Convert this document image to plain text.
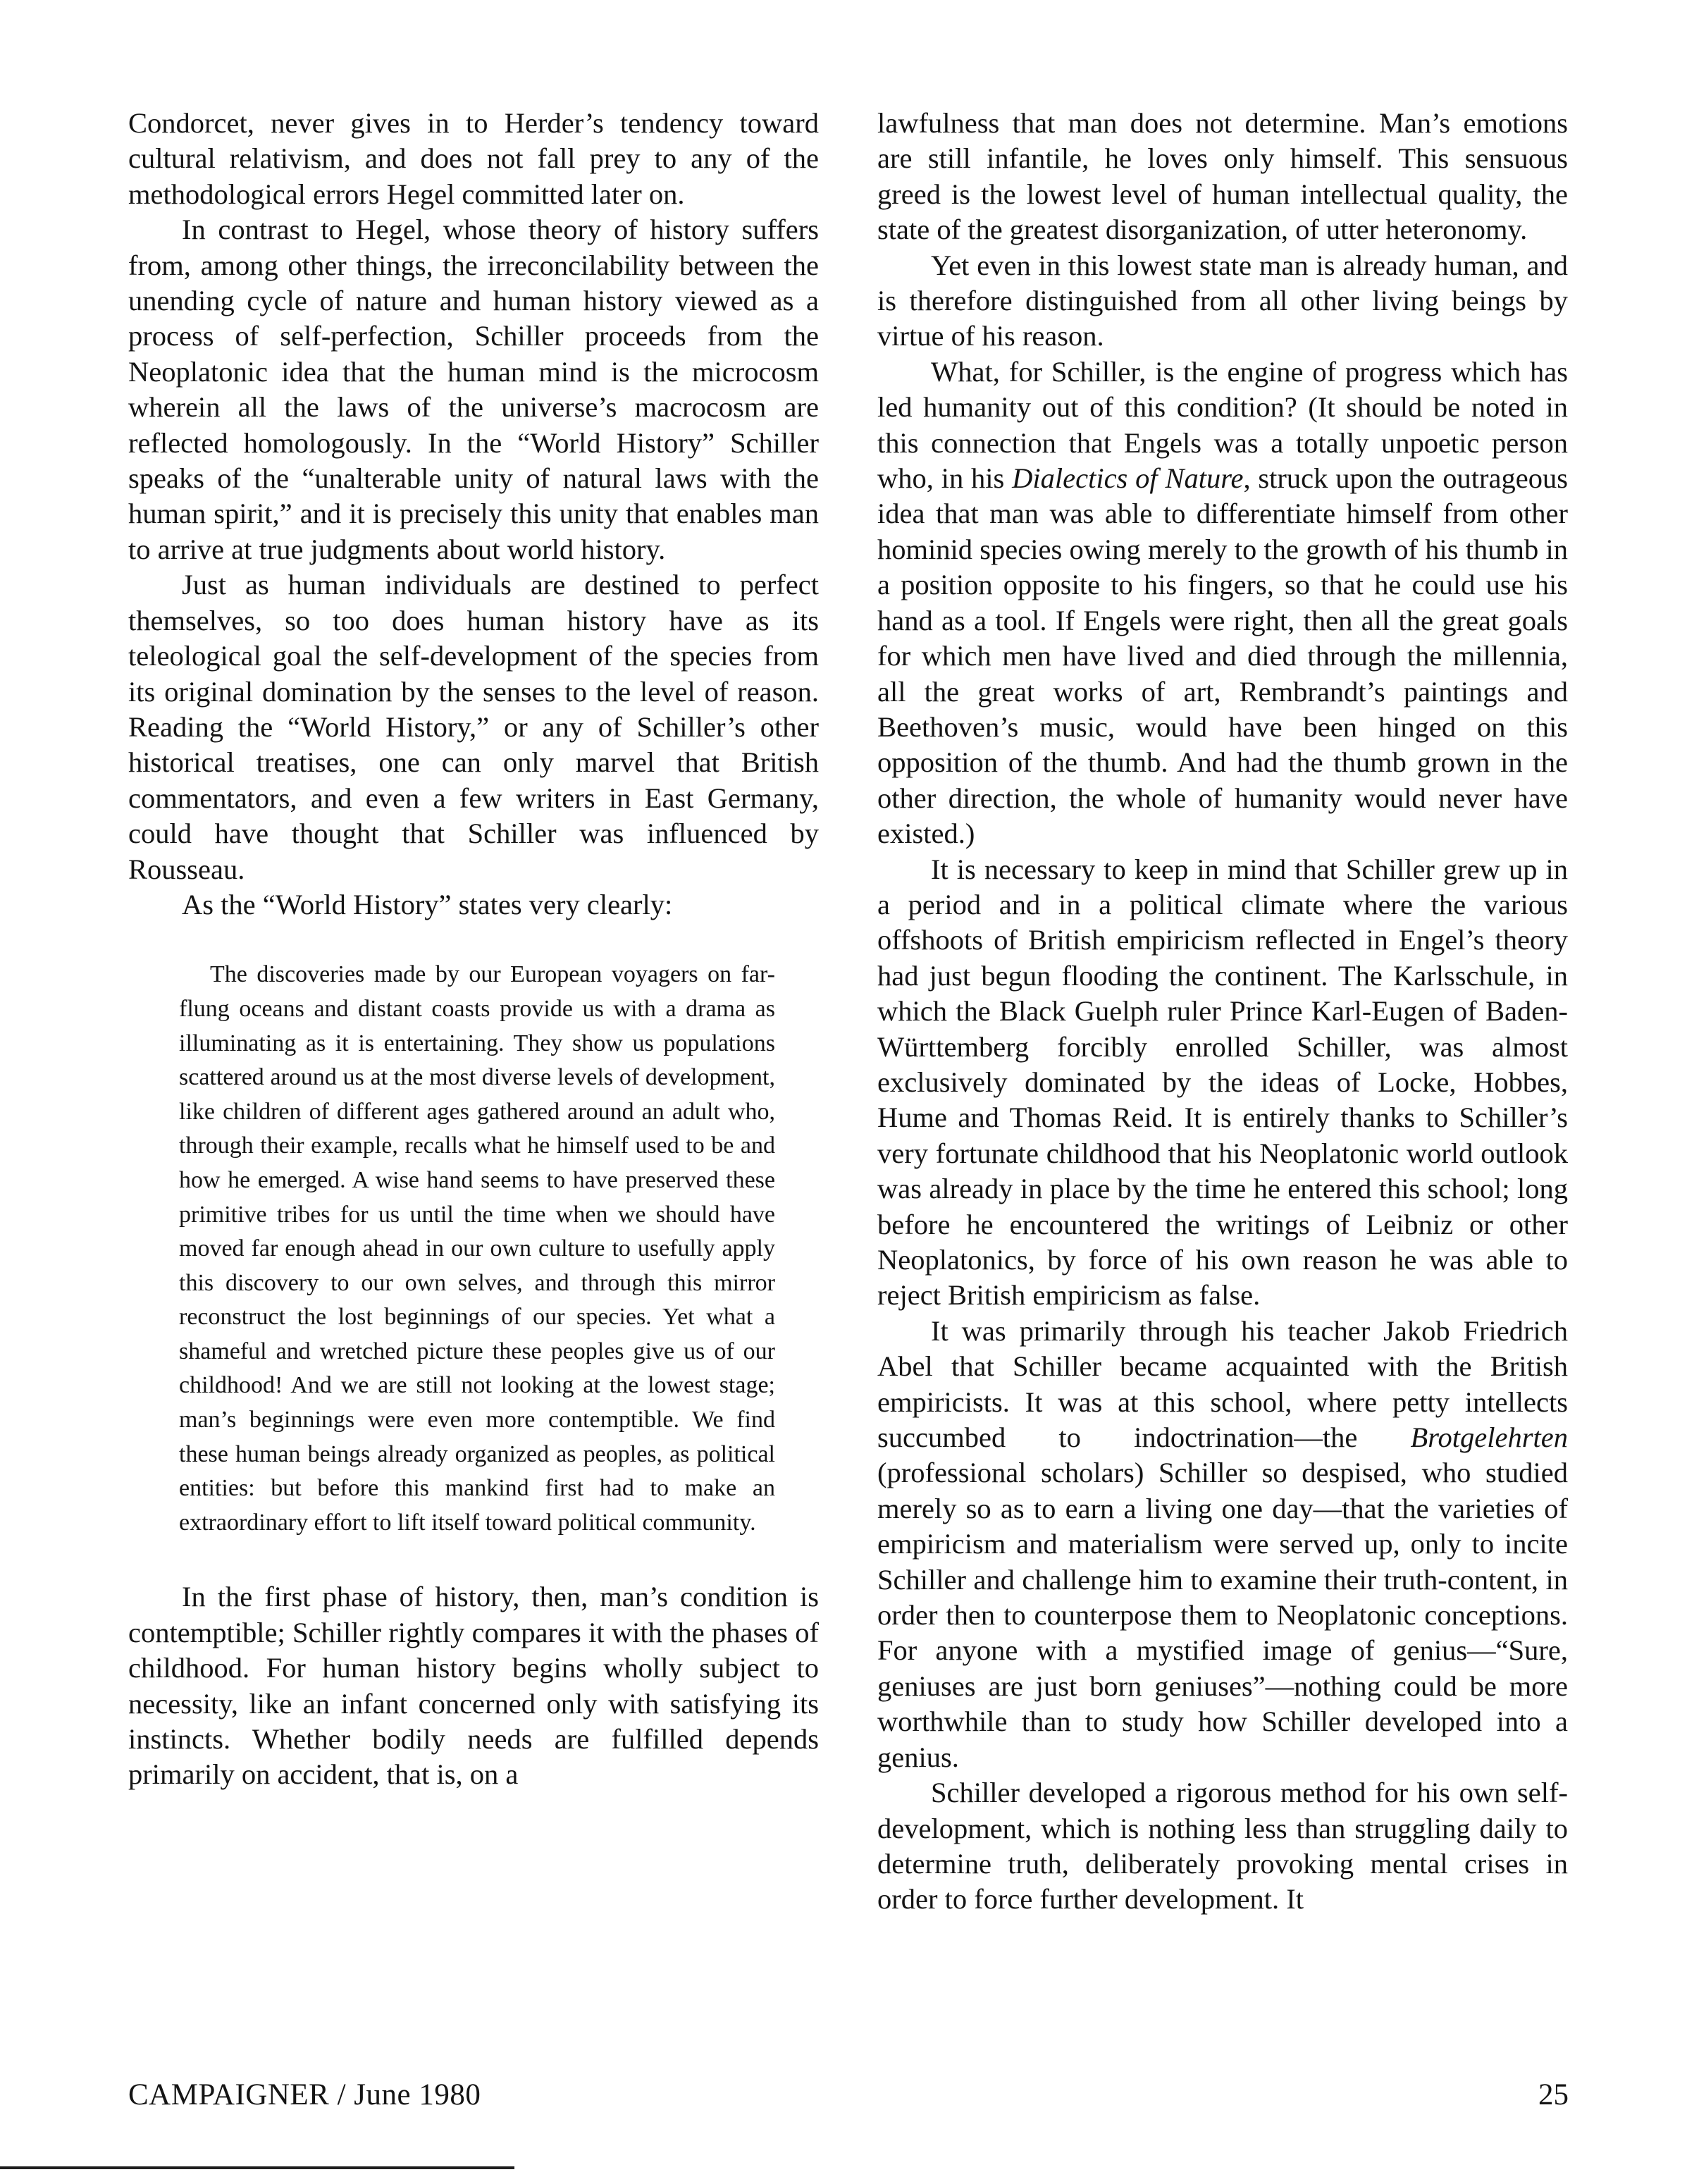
Condorcet, never gives in to Herder’s tendency toward cultural relativism, and does not fall prey to any of the methodological errors Hegel committed later on.

In contrast to Hegel, whose theory of history suffers from, among other things, the irreconcilability between the unending cycle of nature and human history viewed as a process of self-perfection, Schiller proceeds from the Neoplatonic idea that the human mind is the microcosm wherein all the laws of the universe’s macrocosm are reflected homologously. In the “World History” Schiller speaks of the “unalterable unity of natural laws with the human spirit,” and it is precisely this unity that enables man to arrive at true judgments about world history.

Just as human individuals are destined to perfect themselves, so too does human history have as its teleological goal the self-development of the species from its original domination by the senses to the level of reason. Reading the “World History,” or any of Schiller’s other historical treatises, one can only marvel that British commentators, and even a few writers in East Germany, could have thought that Schiller was influenced by Rousseau.

As the “World History” states very clearly:

The discoveries made by our European voyagers on far-flung oceans and distant coasts provide us with a drama as illuminating as it is entertaining. They show us populations scattered around us at the most diverse levels of development, like children of different ages gathered around an adult who, through their example, recalls what he himself used to be and how he emerged. A wise hand seems to have preserved these primitive tribes for us until the time when we should have moved far enough ahead in our own culture to usefully apply this discovery to our own selves, and through this mirror reconstruct the lost beginnings of our species. Yet what a shameful and wretched picture these peoples give us of our childhood! And we are still not looking at the lowest stage; man’s beginnings were even more contemptible. We find these human beings already organized as peoples, as political entities: but before this mankind first had to make an extraordinary effort to lift itself toward political community.

In the first phase of history, then, man’s condition is contemptible; Schiller rightly compares it with the phases of childhood. For human history begins wholly subject to necessity, like an infant concerned only with satisfying its instincts. Whether bodily needs are fulfilled depends primarily on accident, that is, on a

lawfulness that man does not determine. Man’s emotions are still infantile, he loves only himself. This sensuous greed is the lowest level of human intellectual quality, the state of the greatest disorganization, of utter heteronomy.

Yet even in this lowest state man is already human, and is therefore distinguished from all other living beings by virtue of his reason.

What, for Schiller, is the engine of progress which has led humanity out of this condition? (It should be noted in this connection that Engels was a totally unpoetic person who, in his Dialectics of Nature, struck upon the outrageous idea that man was able to differentiate himself from other hominid species owing merely to the growth of his thumb in a position opposite to his fingers, so that he could use his hand as a tool. If Engels were right, then all the great goals for which men have lived and died through the millennia, all the great works of art, Rembrandt’s paintings and Beethoven’s music, would have been hinged on this opposition of the thumb. And had the thumb grown in the other direction, the whole of humanity would never have existed.)

It is necessary to keep in mind that Schiller grew up in a period and in a political climate where the various offshoots of British empiricism reflected in Engel’s theory had just begun flooding the continent. The Karlsschule, in which the Black Guelph ruler Prince Karl-Eugen of Baden-Württemberg forcibly enrolled Schiller, was almost exclusively dominated by the ideas of Locke, Hobbes, Hume and Thomas Reid. It is entirely thanks to Schiller’s very fortunate childhood that his Neoplatonic world outlook was already in place by the time he entered this school; long before he encountered the writings of Leibniz or other Neoplatonics, by force of his own reason he was able to reject British empiricism as false.

It was primarily through his teacher Jakob Friedrich Abel that Schiller became acquainted with the British empiricists. It was at this school, where petty intellects succumbed to indoctrination—the Brotgelehrten (professional scholars) Schiller so despised, who studied merely so as to earn a living one day—that the varieties of empiricism and materialism were served up, only to incite Schiller and challenge him to examine their truth-content, in order then to counterpose them to Neoplatonic conceptions. For anyone with a mystified image of genius—“Sure, geniuses are just born geniuses”—nothing could be more worthwhile than to study how Schiller developed into a genius.

Schiller developed a rigorous method for his own self-development, which is nothing less than struggling daily to determine truth, deliberately provoking mental crises in order to force further development. It

CAMPAIGNER / June 1980	25
